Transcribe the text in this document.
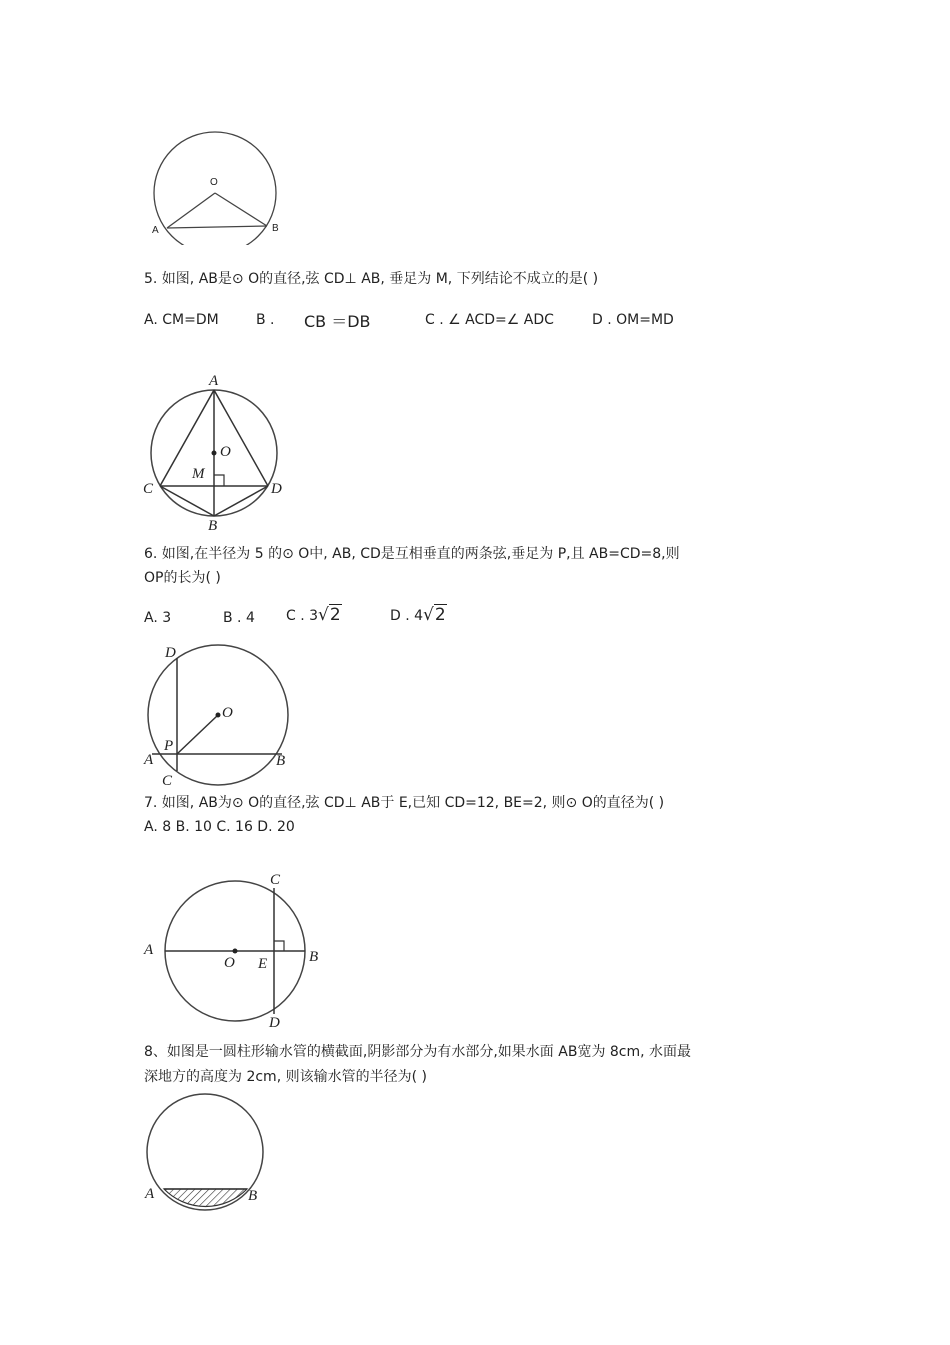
O
A	B
5. 如图, AB是⊙ O的直径,弦 CD⊥ AB, 垂足为 M, 下列结论不成立的是( )
A. CM=DM	B . CB ＝DB	C . ∠ ACD=∠ ADC	D . OM=MD
A
O
M
C	D
B
6. 如图,在半径为 5 的⊙ O中, AB, CD是互相垂直的两条弦,垂足为 P,且 AB=CD=8,则
OP的长为( )
A. 3	B . 4 C . 3√2	D . 4√2
D
O
P
A	B
C
7. 如图, AB为⊙ O的直径,弦 CD⊥ AB于 E,已知 CD=12, BE=2, 则⊙ O的直径为( )
A. 8 B. 10 C. 16 D. 20
C
A
O E	B
D
8、如图是一圆柱形输水管的横截面,阴影部分为有水部分,如果水面 AB宽为 8cm, 水面最
深地方的高度为 2cm, 则该输水管的半径为( )
A	B
